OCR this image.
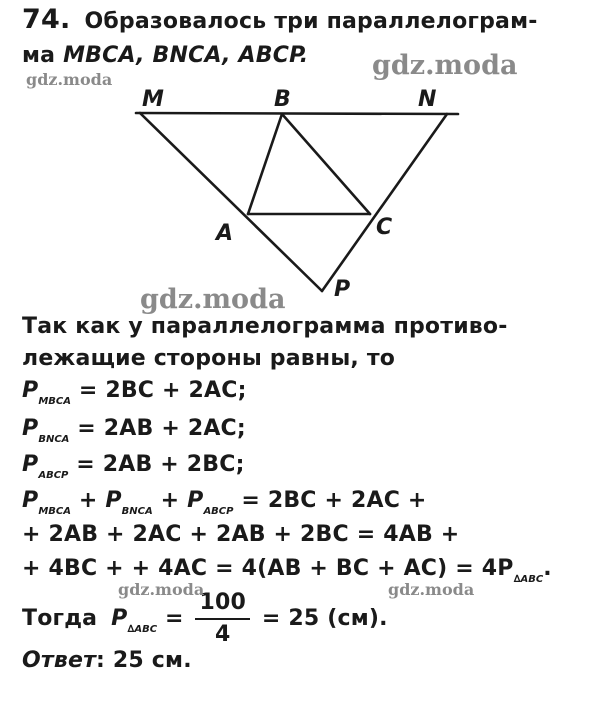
74. Образовалось три параллелограм-
ма MBCA, BNCA, ABCP.
M	B	N
A	C
P
Так как у параллелограмма противо-
лежащие стороны равны, то
$P_{MBCA} = 2BC + 2AC$;
$P_{BNCA} = 2AB + 2AC$;
$P_{ABCP} = 2AB + 2BC$;
$P_{MBCA} + P_{BNCA} + P_{ABCP} = 2BC + 2AC$ +
+ 2AB + 2AC + 2AB + 2BC = 4AB +
+ 4BC + + 4AC = 4(AB + BC + $AC) = 4P_{\Delta ABC}$.
Тогда $P_{\Delta ABC} = \frac{100}{4} = 25$ (см).
Ответ: 25 см.
gdz.moda
gdz.moda
gdz.moda
gdz.moda	gdz.moda
